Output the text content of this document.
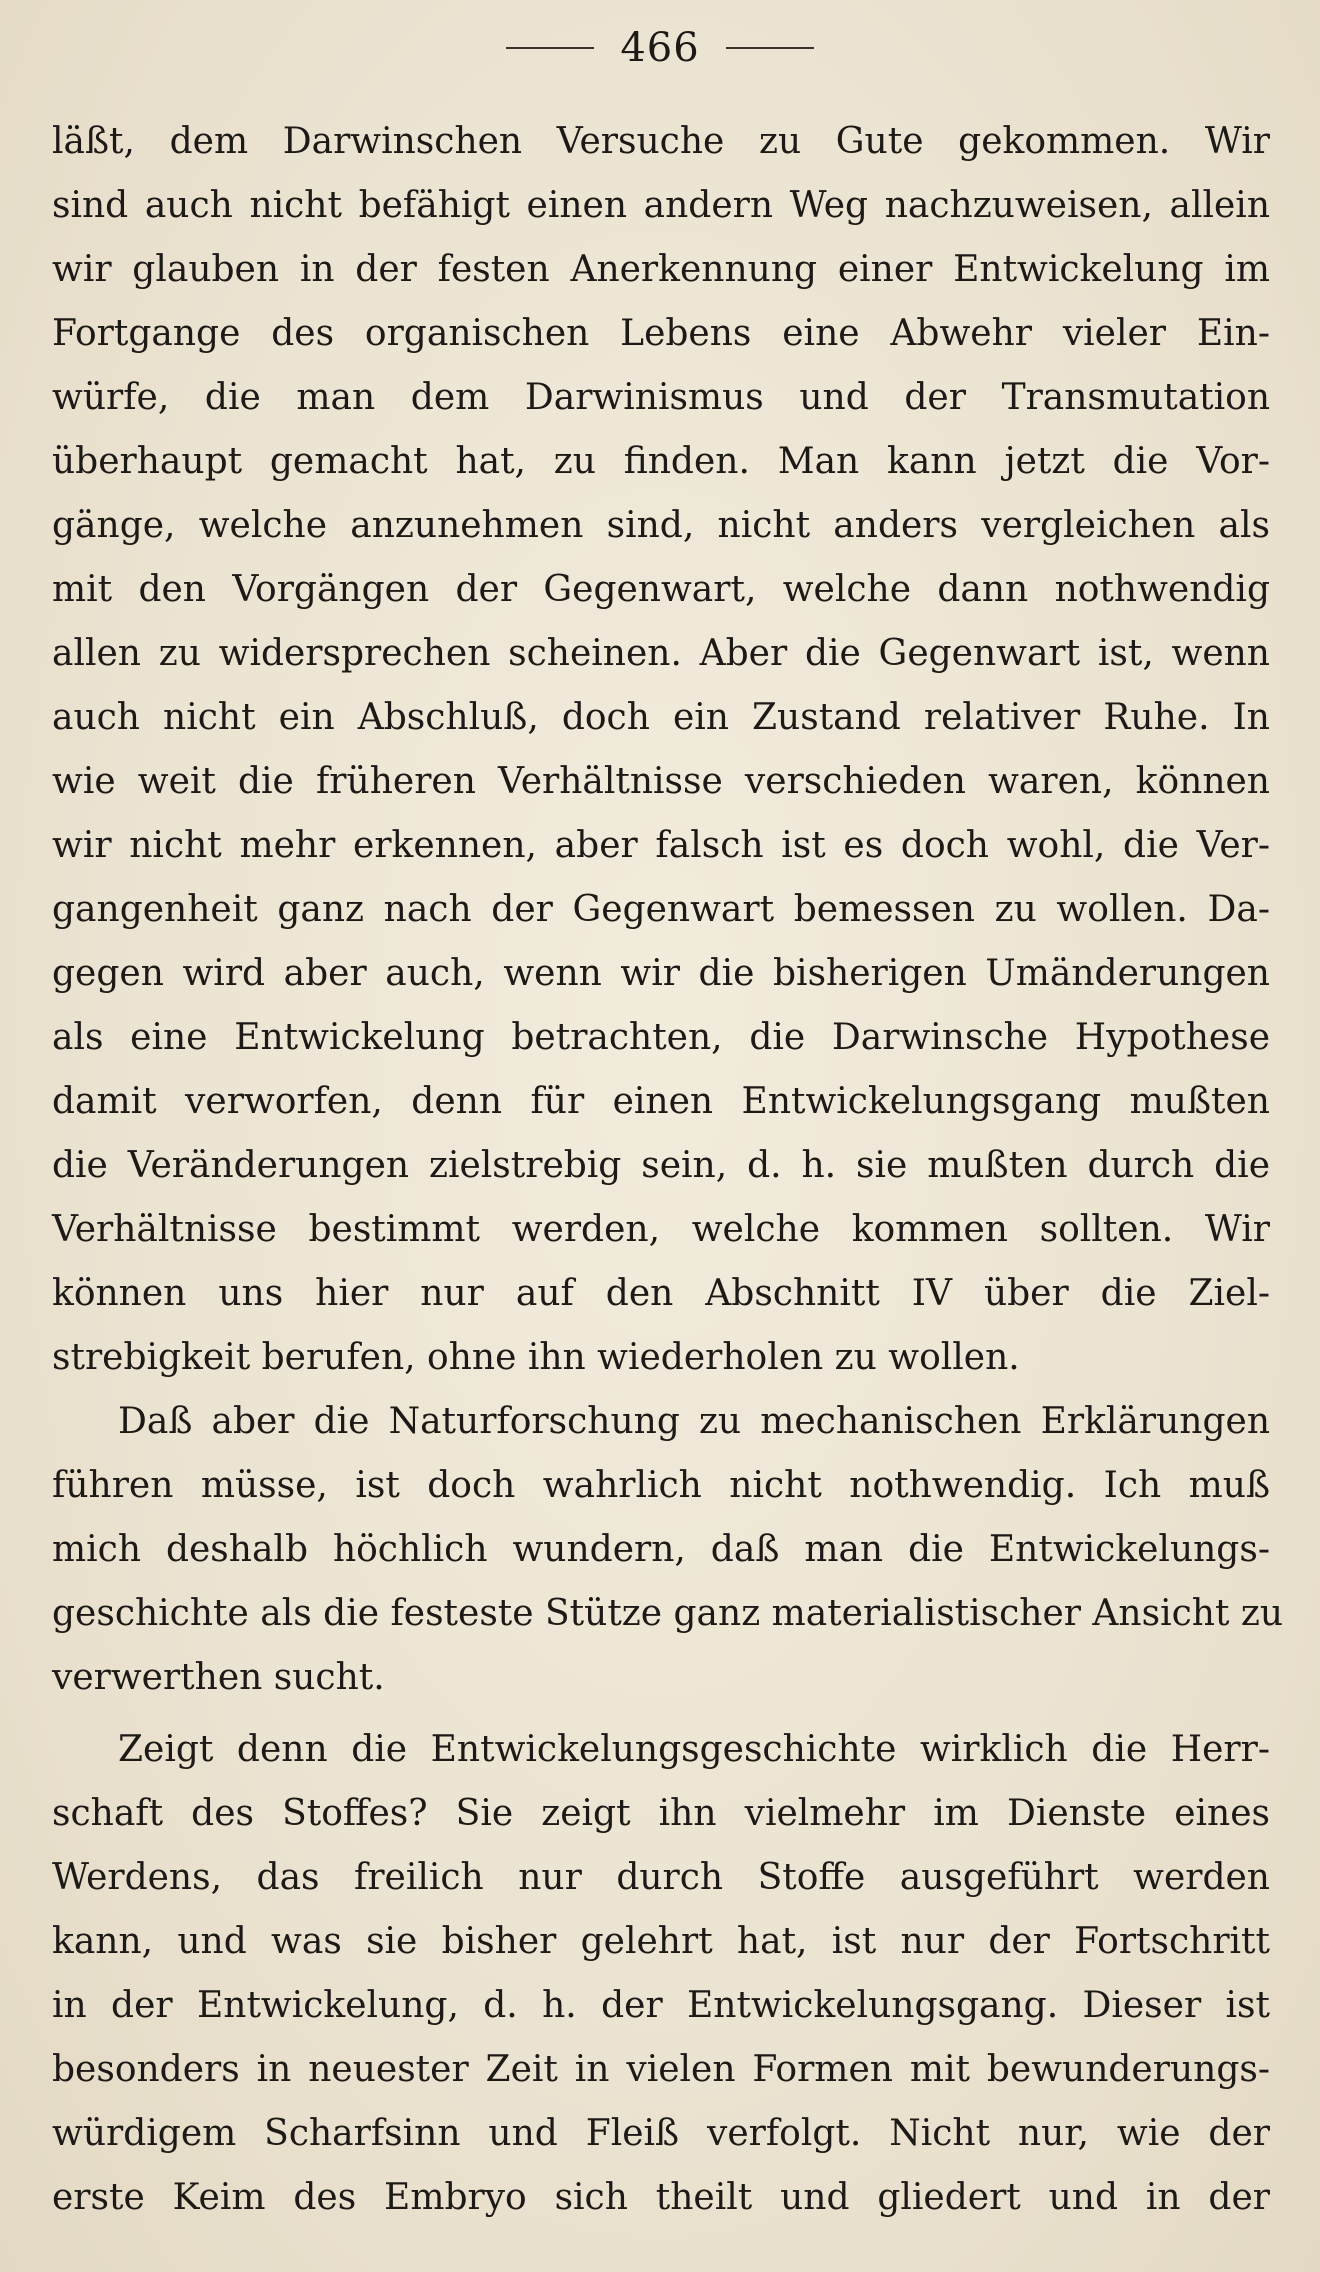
466
läßt, dem Darwinschen Versuche zu Gute gekommen. Wir
sind auch nicht befähigt einen andern Weg nachzuweisen, allein
wir glauben in der festen Anerkennung einer Entwickelung im
Fortgange des organischen Lebens eine Abwehr vieler Ein-
würfe, die man dem Darwinismus und der Transmutation
überhaupt gemacht hat, zu finden. Man kann jetzt die Vor-
gänge, welche anzunehmen sind, nicht anders vergleichen als
mit den Vorgängen der Gegenwart, welche dann nothwendig
allen zu widersprechen scheinen. Aber die Gegenwart ist, wenn
auch nicht ein Abschluß, doch ein Zustand relativer Ruhe. In
wie weit die früheren Verhältnisse verschieden waren, können
wir nicht mehr erkennen, aber falsch ist es doch wohl, die Ver-
gangenheit ganz nach der Gegenwart bemessen zu wollen. Da-
gegen wird aber auch, wenn wir die bisherigen Umänderungen
als eine Entwickelung betrachten, die Darwinsche Hypothese
damit verworfen, denn für einen Entwickelungsgang mußten
die Veränderungen zielstrebig sein, d. h. sie mußten durch die
Verhältnisse bestimmt werden, welche kommen sollten. Wir
können uns hier nur auf den Abschnitt IV über die Ziel-
strebigkeit berufen, ohne ihn wiederholen zu wollen.
Daß aber die Naturforschung zu mechanischen Erklärungen
führen müsse, ist doch wahrlich nicht nothwendig. Ich muß
mich deshalb höchlich wundern, daß man die Entwickelungs-
geschichte als die festeste Stütze ganz materialistischer Ansicht zu
verwerthen sucht.
Zeigt denn die Entwickelungsgeschichte wirklich die Herr-
schaft des Stoffes? Sie zeigt ihn vielmehr im Dienste eines
Werdens, das freilich nur durch Stoffe ausgeführt werden
kann, und was sie bisher gelehrt hat, ist nur der Fortschritt
in der Entwickelung, d. h. der Entwickelungsgang. Dieser ist
besonders in neuester Zeit in vielen Formen mit bewunderungs-
würdigem Scharfsinn und Fleiß verfolgt. Nicht nur, wie der
erste Keim des Embryo sich theilt und gliedert und in der
